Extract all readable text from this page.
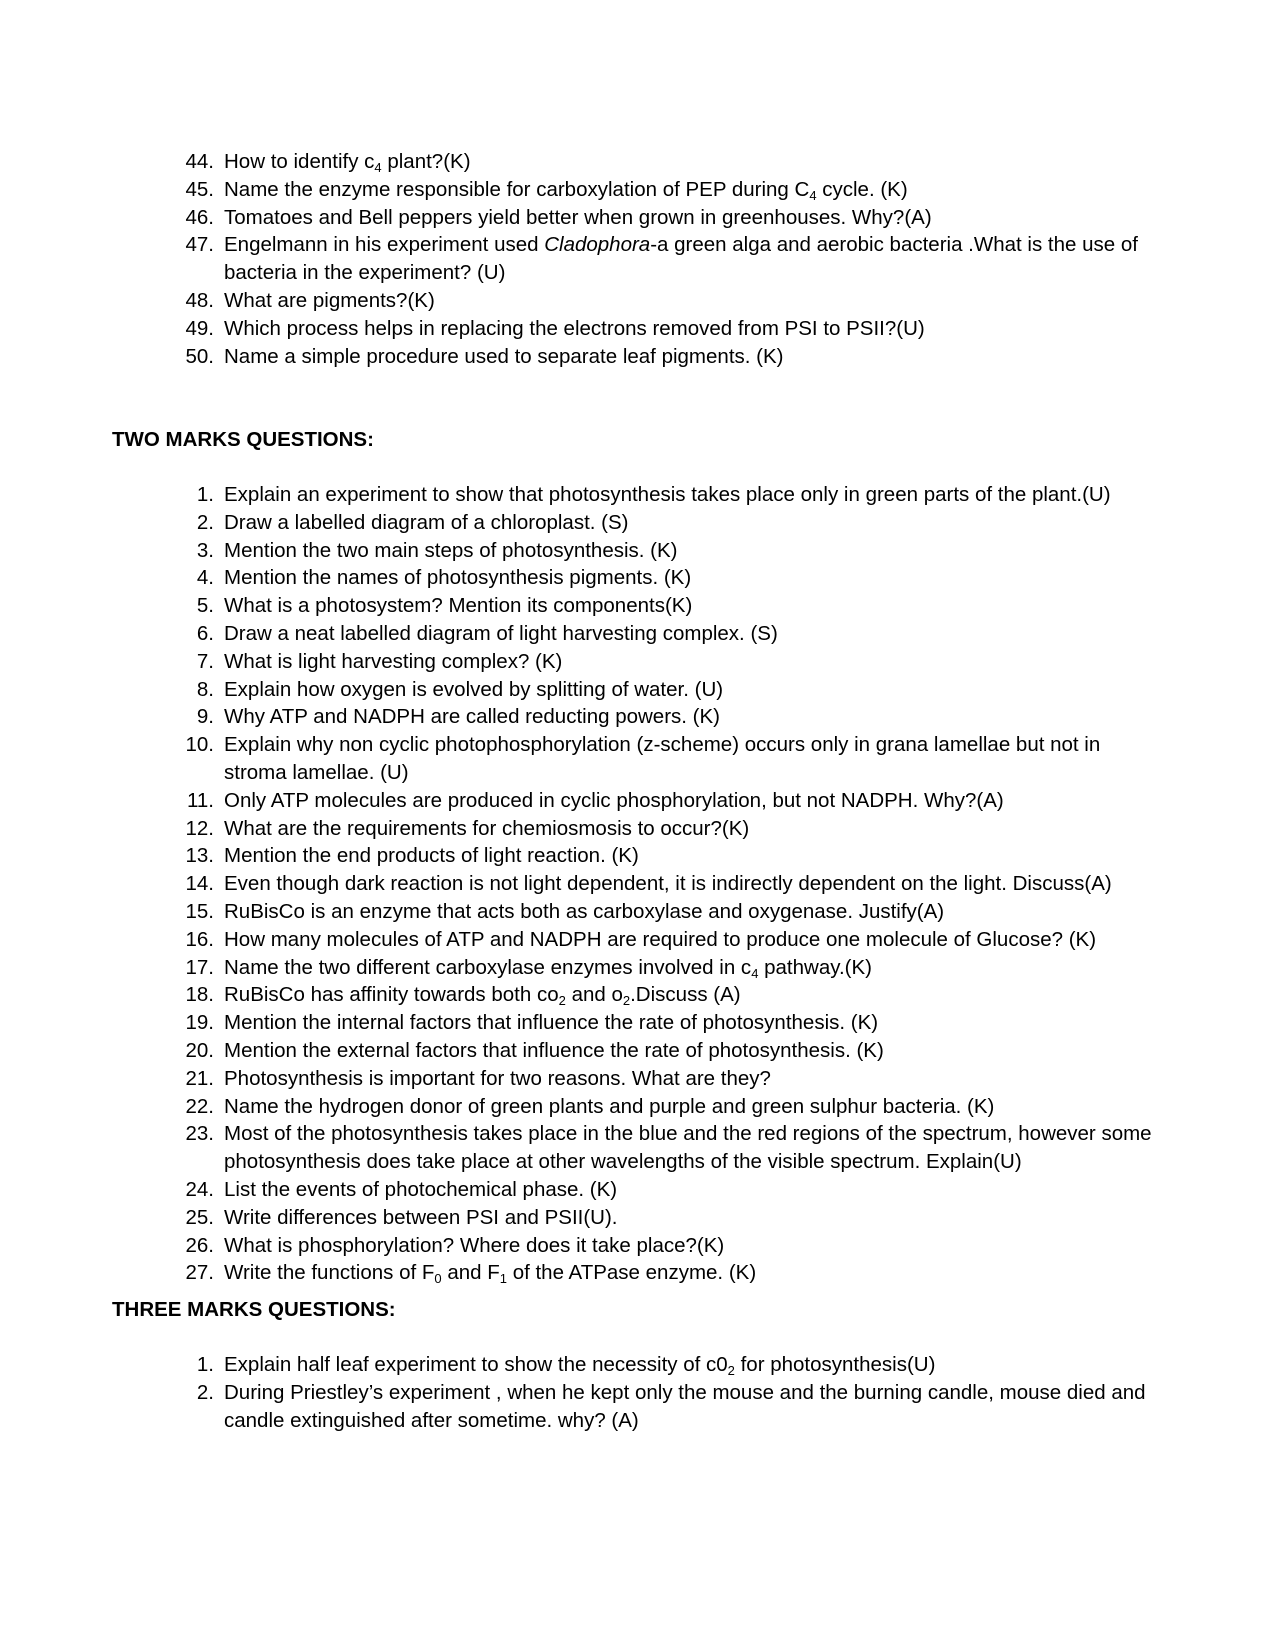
44. How to identify $c_4$ plant?(K)
45. Name the enzyme responsible for carboxylation of PEP during $C_4$ cycle. (K)
46. Tomatoes and Bell peppers yield better when grown in greenhouses. Why?(A)
47. Engelmann in his experiment used Cladophora-a green alga and aerobic bacteria .What is the use of bacteria in the experiment? (U)
48. What are pigments?(K)
49. Which process helps in replacing the electrons removed from PSI to PSII?(U)
50. Name a simple procedure used to separate leaf pigments. (K)
TWO MARKS QUESTIONS:
1. Explain an experiment to show that photosynthesis takes place only in green parts of the plant.(U)
2. Draw a labelled diagram of a chloroplast. (S)
3. Mention the two main steps of photosynthesis. (K)
4. Mention the names of photosynthesis pigments. (K)
5. What is a photosystem? Mention its components(K)
6. Draw a neat labelled diagram of light harvesting complex. (S)
7. What is light harvesting complex? (K)
8. Explain how oxygen is evolved by splitting of water. (U)
9. Why ATP and NADPH are called reducting powers. (K)
10. Explain why non cyclic photophosphorylation (z-scheme) occurs only in grana lamellae but not in stroma lamellae. (U)
11. Only ATP molecules are produced in cyclic phosphorylation, but not NADPH. Why?(A)
12. What are the requirements for chemiosmosis to occur?(K)
13. Mention the end products of light reaction. (K)
14. Even though dark reaction is not light dependent, it is indirectly dependent on the light. Discuss(A)
15. RuBisCo is an enzyme that acts both as carboxylase and oxygenase. Justify(A)
16. How many molecules of ATP and NADPH are required to produce one molecule of Glucose? (K)
17. Name the two different carboxylase enzymes involved in $c_4$ pathway.(K)
18. RuBisCo has affinity towards both $co_2$ and $o_2.Discuss$ (A)
19. Mention the internal factors that influence the rate of photosynthesis. (K)
20. Mention the external factors that influence the rate of photosynthesis. (K)
21. Photosynthesis is important for two reasons. What are they?
22. Name the hydrogen donor of green plants and purple and green sulphur bacteria. (K)
23. Most of the photosynthesis takes place in the blue and the red regions of the spectrum, however some photosynthesis does take place at other wavelengths of the visible spectrum. Explain(U)
24. List the events of photochemical phase. (K)
25. Write differences between PSI and PSII(U).
26. What is phosphorylation? Where does it take place?(K)
27. Write the functions of $F_0$ and $F_1$ of the ATPase enzyme. (K)
THREE MARKS QUESTIONS:
1. Explain half leaf experiment to show the necessity of $c0_2$ for photosynthesis(U)
2. During Priestley’s experiment , when he kept only the mouse and the burning candle, mouse died and candle extinguished after sometime. why? (A)
